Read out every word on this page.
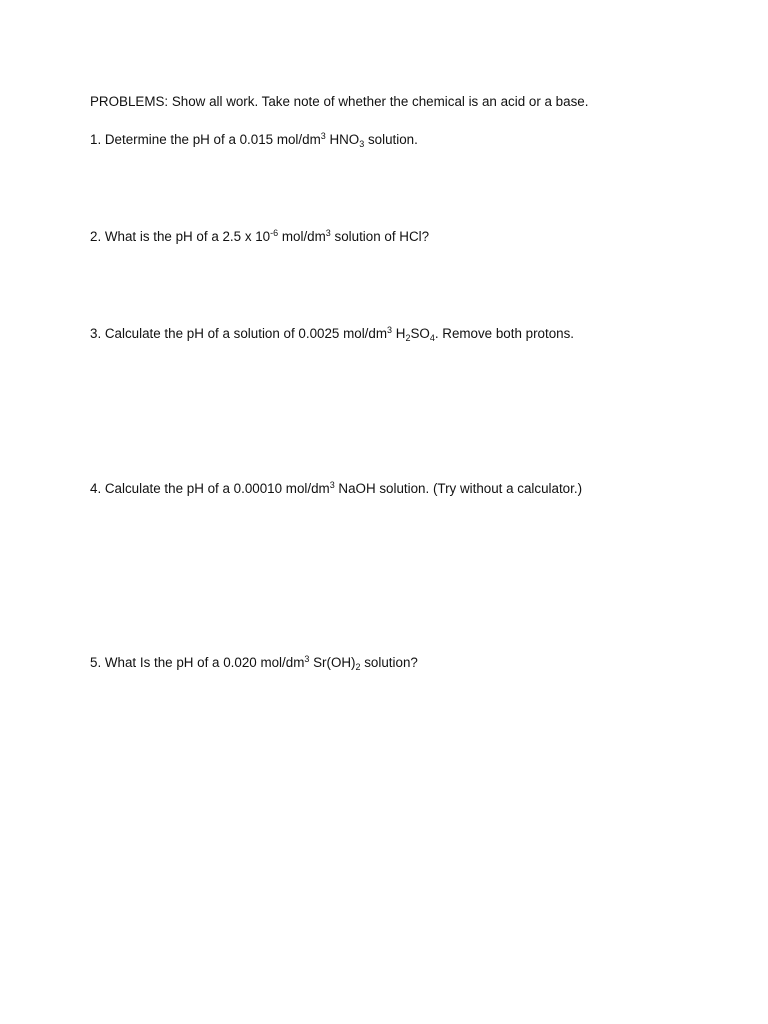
PROBLEMS: Show all work. Take note of whether the chemical is an acid or a base.
1. Determine the pH of a 0.015 mol/$dm^3$ $HNO_3$ solution.
2. What is the pH of a 2.5 x $10^{-6}$ mol/$dm^3$ solution of HCl?
3. Calculate the pH of a solution of 0.0025 mol/$dm^3$ $H_2SO_4$. Remove both protons.
4. Calculate the pH of a 0.00010 mol/$dm^3$ NaOH solution. (Try without a calculator.)
5. What Is the pH of a 0.020 mol/$dm^3$ $Sr(OH)_2$ solution?
